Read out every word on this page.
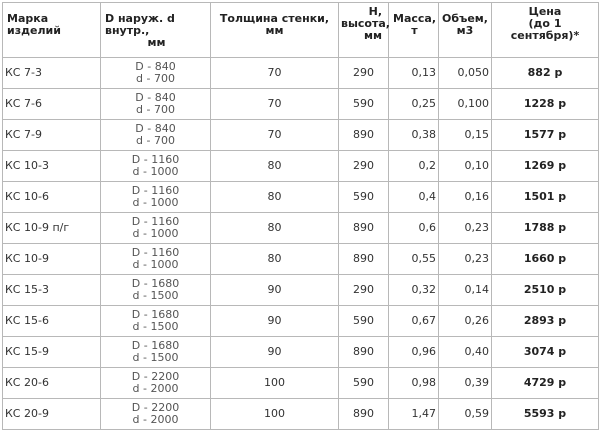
Марка изделий	D наруж. d внутр.,
мм	Толщина стенки,
мм	Н,
высота,
мм	Масса,
т	Объем,
м3	Цена
(до 1 сентября)*

КС 7-3	D - 840
d - 700	70	290	0,13	0,050	882 р
КС 7-6	D - 840
d - 700	70	590	0,25	0,100	1228 р
КС 7-9	D - 840
d - 700	70	890	0,38	0,15	1577 р
КС 10-3	D - 1160
d - 1000	80	290	0,2	0,10	1269 р
КС 10-6	D - 1160
d - 1000	80	590	0,4	0,16	1501 р
КС 10-9 п/г	D - 1160
d - 1000	80	890	0,6	0,23	1788 р
КС 10-9	D - 1160
d - 1000	80	890	0,55	0,23	1660 р
КС 15-3	D - 1680
d - 1500	90	290	0,32	0,14	2510 р
КС 15-6	D - 1680
d - 1500	90	590	0,67	0,26	2893 р
КС 15-9	D - 1680
d - 1500	90	890	0,96	0,40	3074 р
КС 20-6	D - 2200
d - 2000	100	590	0,98	0,39	4729 р
КС 20-9	D - 2200
d - 2000	100	890	1,47	0,59	5593 р
